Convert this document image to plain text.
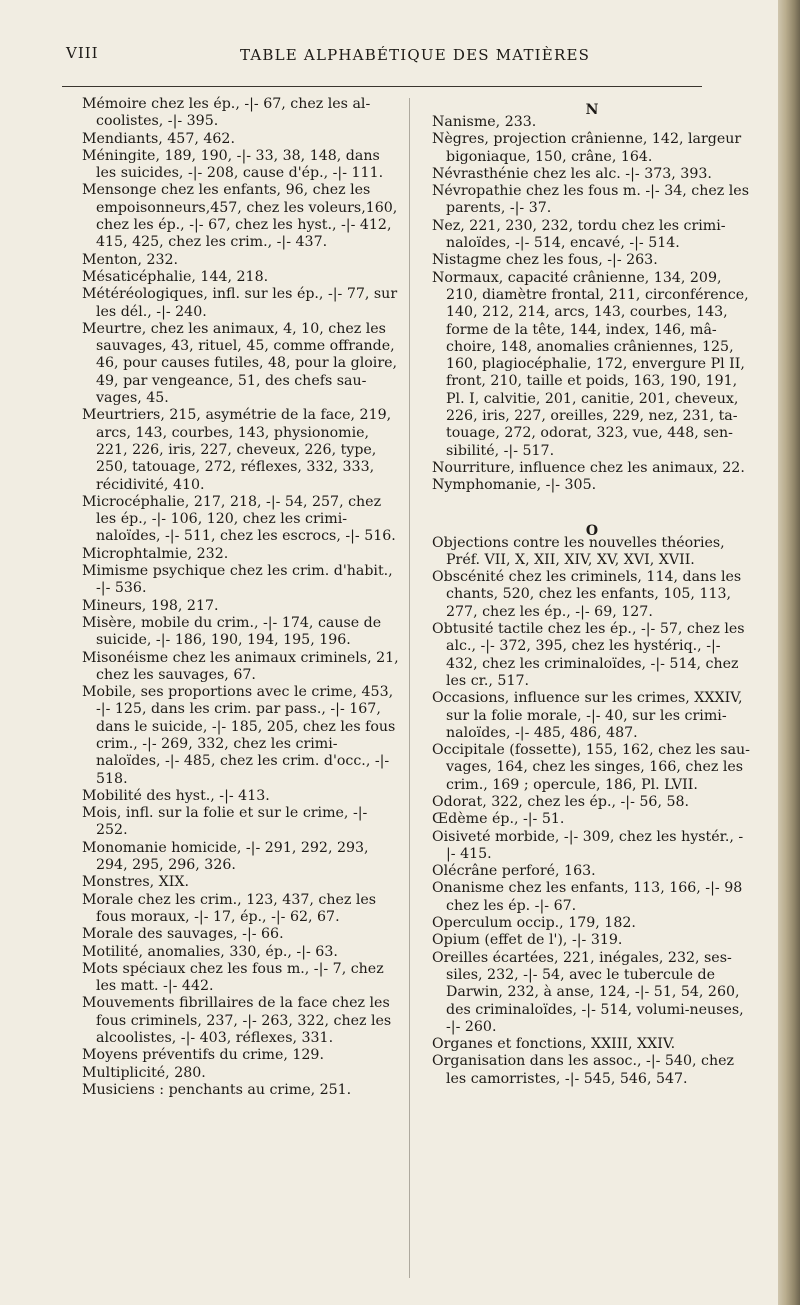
VIII	TABLE ALPHABÉTIQUE DES MATIÈRES

Mémoire chez les ép., -|- 67, chez les al-coolistes, -|- 395.

Mendiants, 457, 462.

Méningite, 189, 190, -|- 33, 38, 148, dans les suicides, -|- 208, cause d'ép., -|- 111.

Mensonge chez les enfants, 96, chez les empoisonneurs,457, chez les voleurs,160, chez les ép., -|- 67, chez les hyst., -|- 412, 415, 425, chez les crim., -|- 437.

Menton, 232.

Mésaticéphalie, 144, 218.

Météréologiques, infl. sur les ép., -|- 77, sur les dél., -|- 240.

Meurtre, chez les animaux, 4, 10, chez les sauvages, 43, rituel, 45, comme offrande, 46, pour causes futiles, 48, pour la gloire, 49, par vengeance, 51, des chefs sau-vages, 45.

Meurtriers, 215, asymétrie de la face, 219, arcs, 143, courbes, 143, physionomie, 221, 226, iris, 227, cheveux, 226, type, 250, tatouage, 272, réflexes, 332, 333, récidivité, 410.

Microcéphalie, 217, 218, -|- 54, 257, chez les ép., -|- 106, 120, chez les crimi-naloïdes, -|- 511, chez les escrocs, -|- 516.

Microphtalmie, 232.

Mimisme psychique chez les crim. d'habit., -|- 536.

Mineurs, 198, 217.

Misère, mobile du crim., -|- 174, cause de suicide, -|- 186, 190, 194, 195, 196.

Misonéisme chez les animaux criminels, 21, chez les sauvages, 67.

Mobile, ses proportions avec le crime, 453, -|- 125, dans les crim. par pass., -|- 167, dans le suicide, -|- 185, 205, chez les fous crim., -|- 269, 332, chez les crimi-naloïdes, -|- 485, chez les crim. d'occ., -|- 518.

Mobilité des hyst., -|- 413.

Mois, infl. sur la folie et sur le crime, -|- 252.

Monomanie homicide, -|- 291, 292, 293, 294, 295, 296, 326.

Monstres, XIX.

Morale chez les crim., 123, 437, chez les fous moraux, -|- 17, ép., -|- 62, 67.

Morale des sauvages, -|- 66.

Motilité, anomalies, 330, ép., -|- 63.

Mots spéciaux chez les fous m., -|- 7, chez les matt. -|- 442.

Mouvements fibrillaires de la face chez les fous criminels, 237, -|- 263, 322, chez les alcoolistes, -|- 403, réflexes, 331.

Moyens préventifs du crime, 129.

Multiplicité, 280.

Musiciens : penchants au crime, 251.

N

Nanisme, 233.

Nègres, projection crânienne, 142, largeur bigoniaque, 150, crâne, 164.

Névrasthénie chez les alc. -|- 373, 393.

Névropathie chez les fous m. -|- 34, chez les parents, -|- 37.

Nez, 221, 230, 232, tordu chez les crimi-naloïdes, -|- 514, encavé, -|- 514.

Nistagme chez les fous, -|- 263.

Normaux, capacité crânienne, 134, 209, 210, diamètre frontal, 211, circonférence, 140, 212, 214, arcs, 143, courbes, 143, forme de la tête, 144, index, 146, mâ-choire, 148, anomalies crâniennes, 125, 160, plagiocéphalie, 172, envergure Pl II, front, 210, taille et poids, 163, 190, 191, Pl. I, calvitie, 201, canitie, 201, cheveux, 226, iris, 227, oreilles, 229, nez, 231, ta-touage, 272, odorat, 323, vue, 448, sen-sibilité, -|- 517.

Nourriture, influence chez les animaux, 22.

Nymphomanie, -|- 305.

O

Objections contre les nouvelles théories, Préf. VII, X, XII, XIV, XV, XVI, XVII.

Obscénité chez les criminels, 114, dans les chants, 520, chez les enfants, 105, 113, 277, chez les ép., -|- 69, 127.

Obtusité tactile chez les ép., -|- 57, chez les alc., -|- 372, 395, chez les hystériq., -|- 432, chez les criminaloïdes, -|- 514, chez les cr., 517.

Occasions, influence sur les crimes, XXXIV, sur la folie morale, -|- 40, sur les crimi-naloïdes, -|- 485, 486, 487.

Occipitale (fossette), 155, 162, chez les sau-vages, 164, chez les singes, 166, chez les crim., 169 ; opercule, 186, Pl. LVII.

Odorat, 322, chez les ép., -|- 56, 58.

Œdème ép., -|- 51.

Oisiveté morbide, -|- 309, chez les hystér., -|- 415.

Olécrâne perforé, 163.

Onanisme chez les enfants, 113, 166, -|- 98 chez les ép. -|- 67.

Operculum occip., 179, 182.

Opium (effet de l'), -|- 319.

Oreilles écartées, 221, inégales, 232, ses-siles, 232, -|- 54, avec le tubercule de Darwin, 232, à anse, 124, -|- 51, 54, 260, des criminaloïdes, -|- 514, volumi-neuses, -|- 260.

Organes et fonctions, XXIII, XXIV.

Organisation dans les assoc., -|- 540, chez les camorristes, -|- 545, 546, 547.
